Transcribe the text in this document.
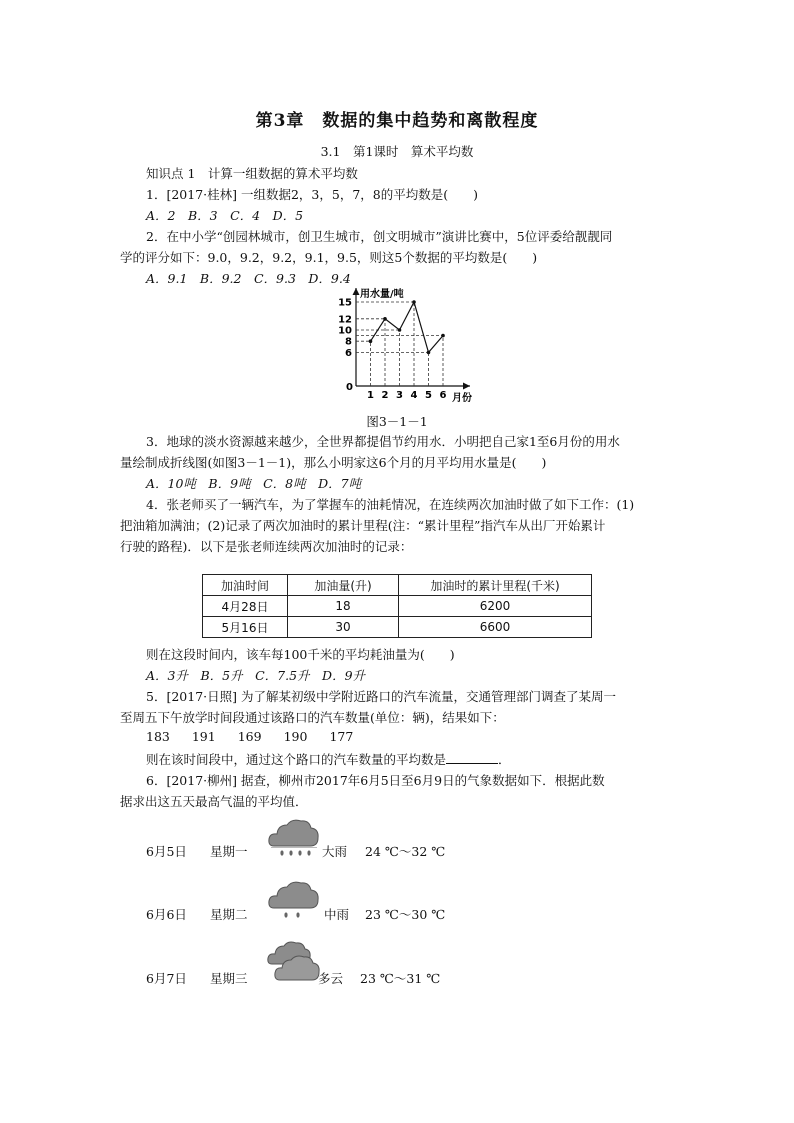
第3章　数据的集中趋势和离散程度
3.1　第1课时　算术平均数
知识点 1　计算一组数据的算术平均数
1．[2017·桂林] 一组数据2，3，5，7，8的平均数是(　　)
A．2　B．3　C．4　D．5
2．在中小学“创园林城市，创卫生城市，创文明城市”演讲比赛中，5位评委给靓靓同
学的评分如下：9.0，9.2，9.2，9.1，9.5，则这5个数据的平均数是(　　)
A．9.1　B．9.2　C．9.3　D．9.4
用水量/吨
月份
0
6
8
10
12
15
1 2 3 4 5 6
图3－1－1
3．地球的淡水资源越来越少，全世界都提倡节约用水．小明把自己家1至6月份的用水
量绘制成折线图(如图3－1－1)，那么小明家这6个月的月平均用水量是(　　)
A．10吨　B．9吨　C．8吨　D．7吨
4．张老师买了一辆汽车，为了掌握车的油耗情况，在连续两次加油时做了如下工作：(1)
把油箱加满油；(2)记录了两次加油时的累计里程(注：“累计里程”指汽车从出厂开始累计
行驶的路程)．以下是张老师连续两次加油时的记录：
加油时间	加油量(升)	加油时的累计里程(千米)
4月28日	18	6200
5月16日	30	6600
则在这段时间内，该车每100千米的平均耗油量为(　　)
A．3升　B．5升　C．7.5升　D．9升
5．[2017·日照] 为了解某初级中学附近路口的汽车流量，交通管理部门调查了某周一
至周五下午放学时间段通过该路口的汽车数量(单位：辆)，结果如下：
183 191 169 190 177
则在该时间段中，通过这个路口的汽车数量的平均数是	．
6．[2017·柳州] 据查，柳州市2017年6月5日至6月9日的气象数据如下．根据此数
据求出这五天最高气温的平均值．
6月5日 星期一	大雨 24 ℃～32 ℃
6月6日 星期二	中雨 23 ℃～30 ℃
6月7日 星期三	多云 23 ℃～31 ℃
